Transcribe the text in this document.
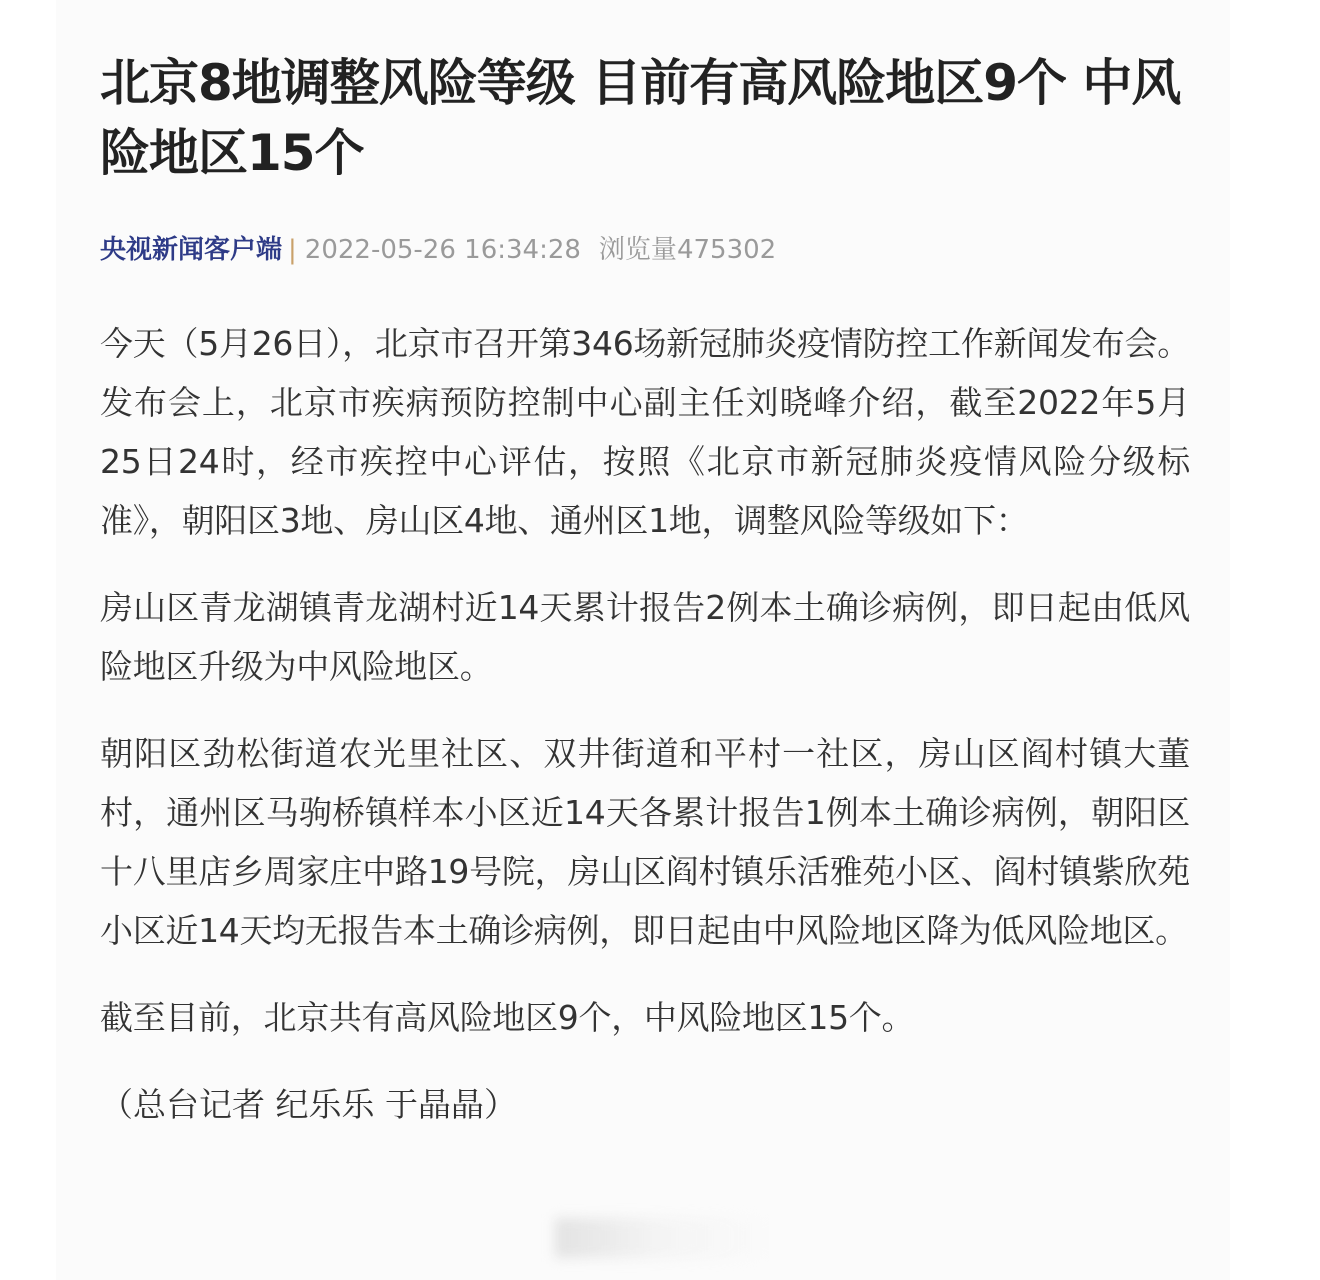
北京8地调整风险等级 目前有高风险地区9个 中风险地区15个
央视新闻客户端 | 2022-05-26 16:34:28 浏览量475302

今天（5月26日），北京市召开第346场新冠肺炎疫情防控工作新闻发布会。发布会上，北京市疾病预防控制中心副主任刘晓峰介绍，截至2022年5月25日24时，经市疾控中心评估，按照《北京市新冠肺炎疫情风险分级标准》，朝阳区3地、房山区4地、通州区1地，调整风险等级如下：

房山区青龙湖镇青龙湖村近14天累计报告2例本土确诊病例，即日起由低风险地区升级为中风险地区。

朝阳区劲松街道农光里社区、双井街道和平村一社区，房山区阎村镇大董村，通州区马驹桥镇样本小区近14天各累计报告1例本土确诊病例，朝阳区十八里店乡周家庄中路19号院，房山区阎村镇乐活雅苑小区、阎村镇紫欣苑小区近14天均无报告本土确诊病例，即日起由中风险地区降为低风险地区。

截至目前，北京共有高风险地区9个，中风险地区15个。

（总台记者 纪乐乐 于晶晶）
